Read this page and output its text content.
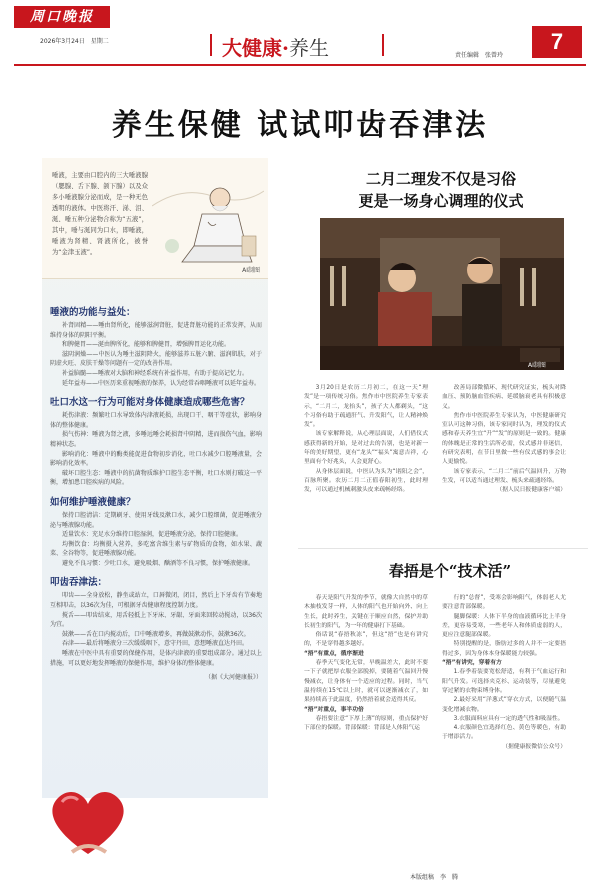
周口晚报
2026年3月24日　星期二	大健康·养生	责任编辑　张曾玲
7
养生保健 试试叩齿吞津法
唾液，主要由口腔内的三大唾液腺（腮腺、舌下腺、颌下腺）以及众多小唾液腺分泌而成，是一种无色透明的液体。中医将汗、涕、泪、涎、唾五种分泌物合称为“五液”，其中，唾与涎同为口水，即唾液，唾液为肾精、肾液所化，被誉为“金津玉液”。
AI制图
唾液的功能与益处：

补肾固精——唾由肾所化，能够滋润肾脏，促进肾脏功能的正常发挥，从而维持身体的阴阳平衡。

和脾健胃——涎由脾所化，能够和脾健胃，增强脾胃运化功能。

滋阴润燥——中医认为唾主滋阴降火，能够滋养五脏六腑、滋润肌肤，对于阴虚火旺、皮肤干燥等问题有一定的改善作用。

补益脑髓——唾液对大脑和神经系统有补益作用，有助于提高记忆力。

延年益寿——中医历来重视唾液的保养，认为经常吞咽唾液可以延年益寿。

吐口水这一行为可能对身体健康造成哪些危害？

耗伤津液：频繁吐口水导致体内津液耗损，出现口干、咽干等症状，影响身体的整体健康。

损气伤神：唾液为肾之液，多唾远唾会耗损肾中阴精，进而损伤气血，影响精神状态。

影响消化：唾液中的酶类能促进食物初步消化，吐口水减少口腔唾液量，会影响消化效率。

破坏口腔生态：唾液中的抗菌物质维护口腔生态平衡，吐口水则打破这一平衡，增加患口腔疾病的风险。

如何维护唾液健康？

保持口腔清洁：定期刷牙、使用牙线及漱口水，减少口腔细菌，促进唾液分泌与唾液腺功能。

适量饮水：充足水分维持口腔湿润，促进唾液分泌，保持口腔健康。

均衡饮食：均衡摄入营养，多吃富含维生素与矿物质的食物，如水果、蔬菜、全谷物等，促进唾液腺功能。

避免不良习惯：少吐口水，避免吸烟、酗酒等不良习惯，保护唾液健康。

叩齿吞津法：

叩齿——全身放松，静坐或站立，口唇微闭，闭目，然后上下牙齿有节奏地互相叩击，以36次为佳，可根据牙齿健康程度控制力度。

搅舌——叩齿结束，用舌轻抵上下牙床、牙龈、牙面来回转动搅动，以36次为宜。

鼓漱——舌在口内搅动后，口中唾液增多，再做鼓漱动作，鼓漱36次。

吞津——最后将唾液分三次缓缓咽下，意守丹田，意想唾液直达丹田。

唾液在中医中具有重要的保健作用，是体内津液的重要组成部分。通过以上措施，可以更好地发挥唾液的保健作用，维护身体的整体健康。

（据《大河健康报》）
二月二理发不仅是习俗
更是一场身心调理的仪式
AI制图

3月20日是农历二月初二，在这一天“理发”是一项传统习俗。焦作市中医院养生专家表示，“二月二，龙抬头”，孩子大人都剃头，“这个习俗有助于疏通肝气、升发阳气，让人精神焕发”。

该专家解释说，从心理层面说，人们借仪式感获得新的开始，是对过去的告别，也是对新一年的美好期望，更有“龙头”“福头”寓意吉祥，心里面有个好兆头，人会更舒心。

从身体层面说，中医认为头为“诸阳之会”，百脉所聚。农历二月二正值春阳初生，此时理发，可以通过机械刺激头皮来疏畅经络。

改善局部微循环、现代研究证实，梳头对降血压、预防脑血管疾病、延缓脑衰老具有积极意义。

焦作市中医院养生专家认为，中医健康研究室认可这种习俗，该专家同时认为，理发的仪式感和春天养生宜“升”“发”的原则是一致的。健康的体魄是正常的生活所必需，仪式感并非迷信，有研究表明，在节日里做一些有仪式感的事会让人更愉悦。

该专家表示，“二月二”前后气温回升，万物生发，可以适当通过理发、梳头来疏通经络。

（据人民日报健康客户端）

春捂是个“技术活”

春天是阳气升发的季节，就像大自然中的草木抽枝发芽一样，人体的阳气也开始向外、向上生长，此时养生，关键在于顺应自然，保护并助长初生的阳气，为一年的健康打下基础。

俗话说“春捂秋冻”，但这“捂”也是有讲究的，不是穿得越多越好。

“捂”有重点，循序渐进

春季天气变化无常，早晚温差大，此时不要一下子就把厚衣服全部脱掉，要随着气温回升慢慢减衣，让身体有一个适应的过程。同时，当气温持续在15℃以上时，就可以逐渐减衣了，如果持续高于此温度，仍然捂着就会适得其反。

“捂”对重点，事半功倍

春捂要注意“下厚上薄”的原则，重点保护好下部位的保暖。背部保暖：背部是人体阳气运

行的“总督”，受寒会影响阳气，体弱老人尤要注意背部保暖。

腿脚保暖：人体下半身的血液循环比上半身差，更容易受寒，一些老年人和体质虚弱的人，更应注意腿部保暖。

特别提醒的是，脂肪过多的人并不一定要捂得过多，因为身体本身保暖能力较强。

“捂”有讲究，穿着有方

1.春季着装要宽松舒适，有利于气血运行和阳气升发。可选择夹克衫、运动装等，尽量避免穿过紧的衣物束缚身体。

2.最好采用“洋葱式”穿衣方式，以便随气温变化增减衣物。

3.衣服面料应具有一定的透气性和吸湿性。

4.衣服颜色宜选择红色、黄色等暖色，有助于增添活力。

（据健康报微信公众号）

本版组稿　李　腾
